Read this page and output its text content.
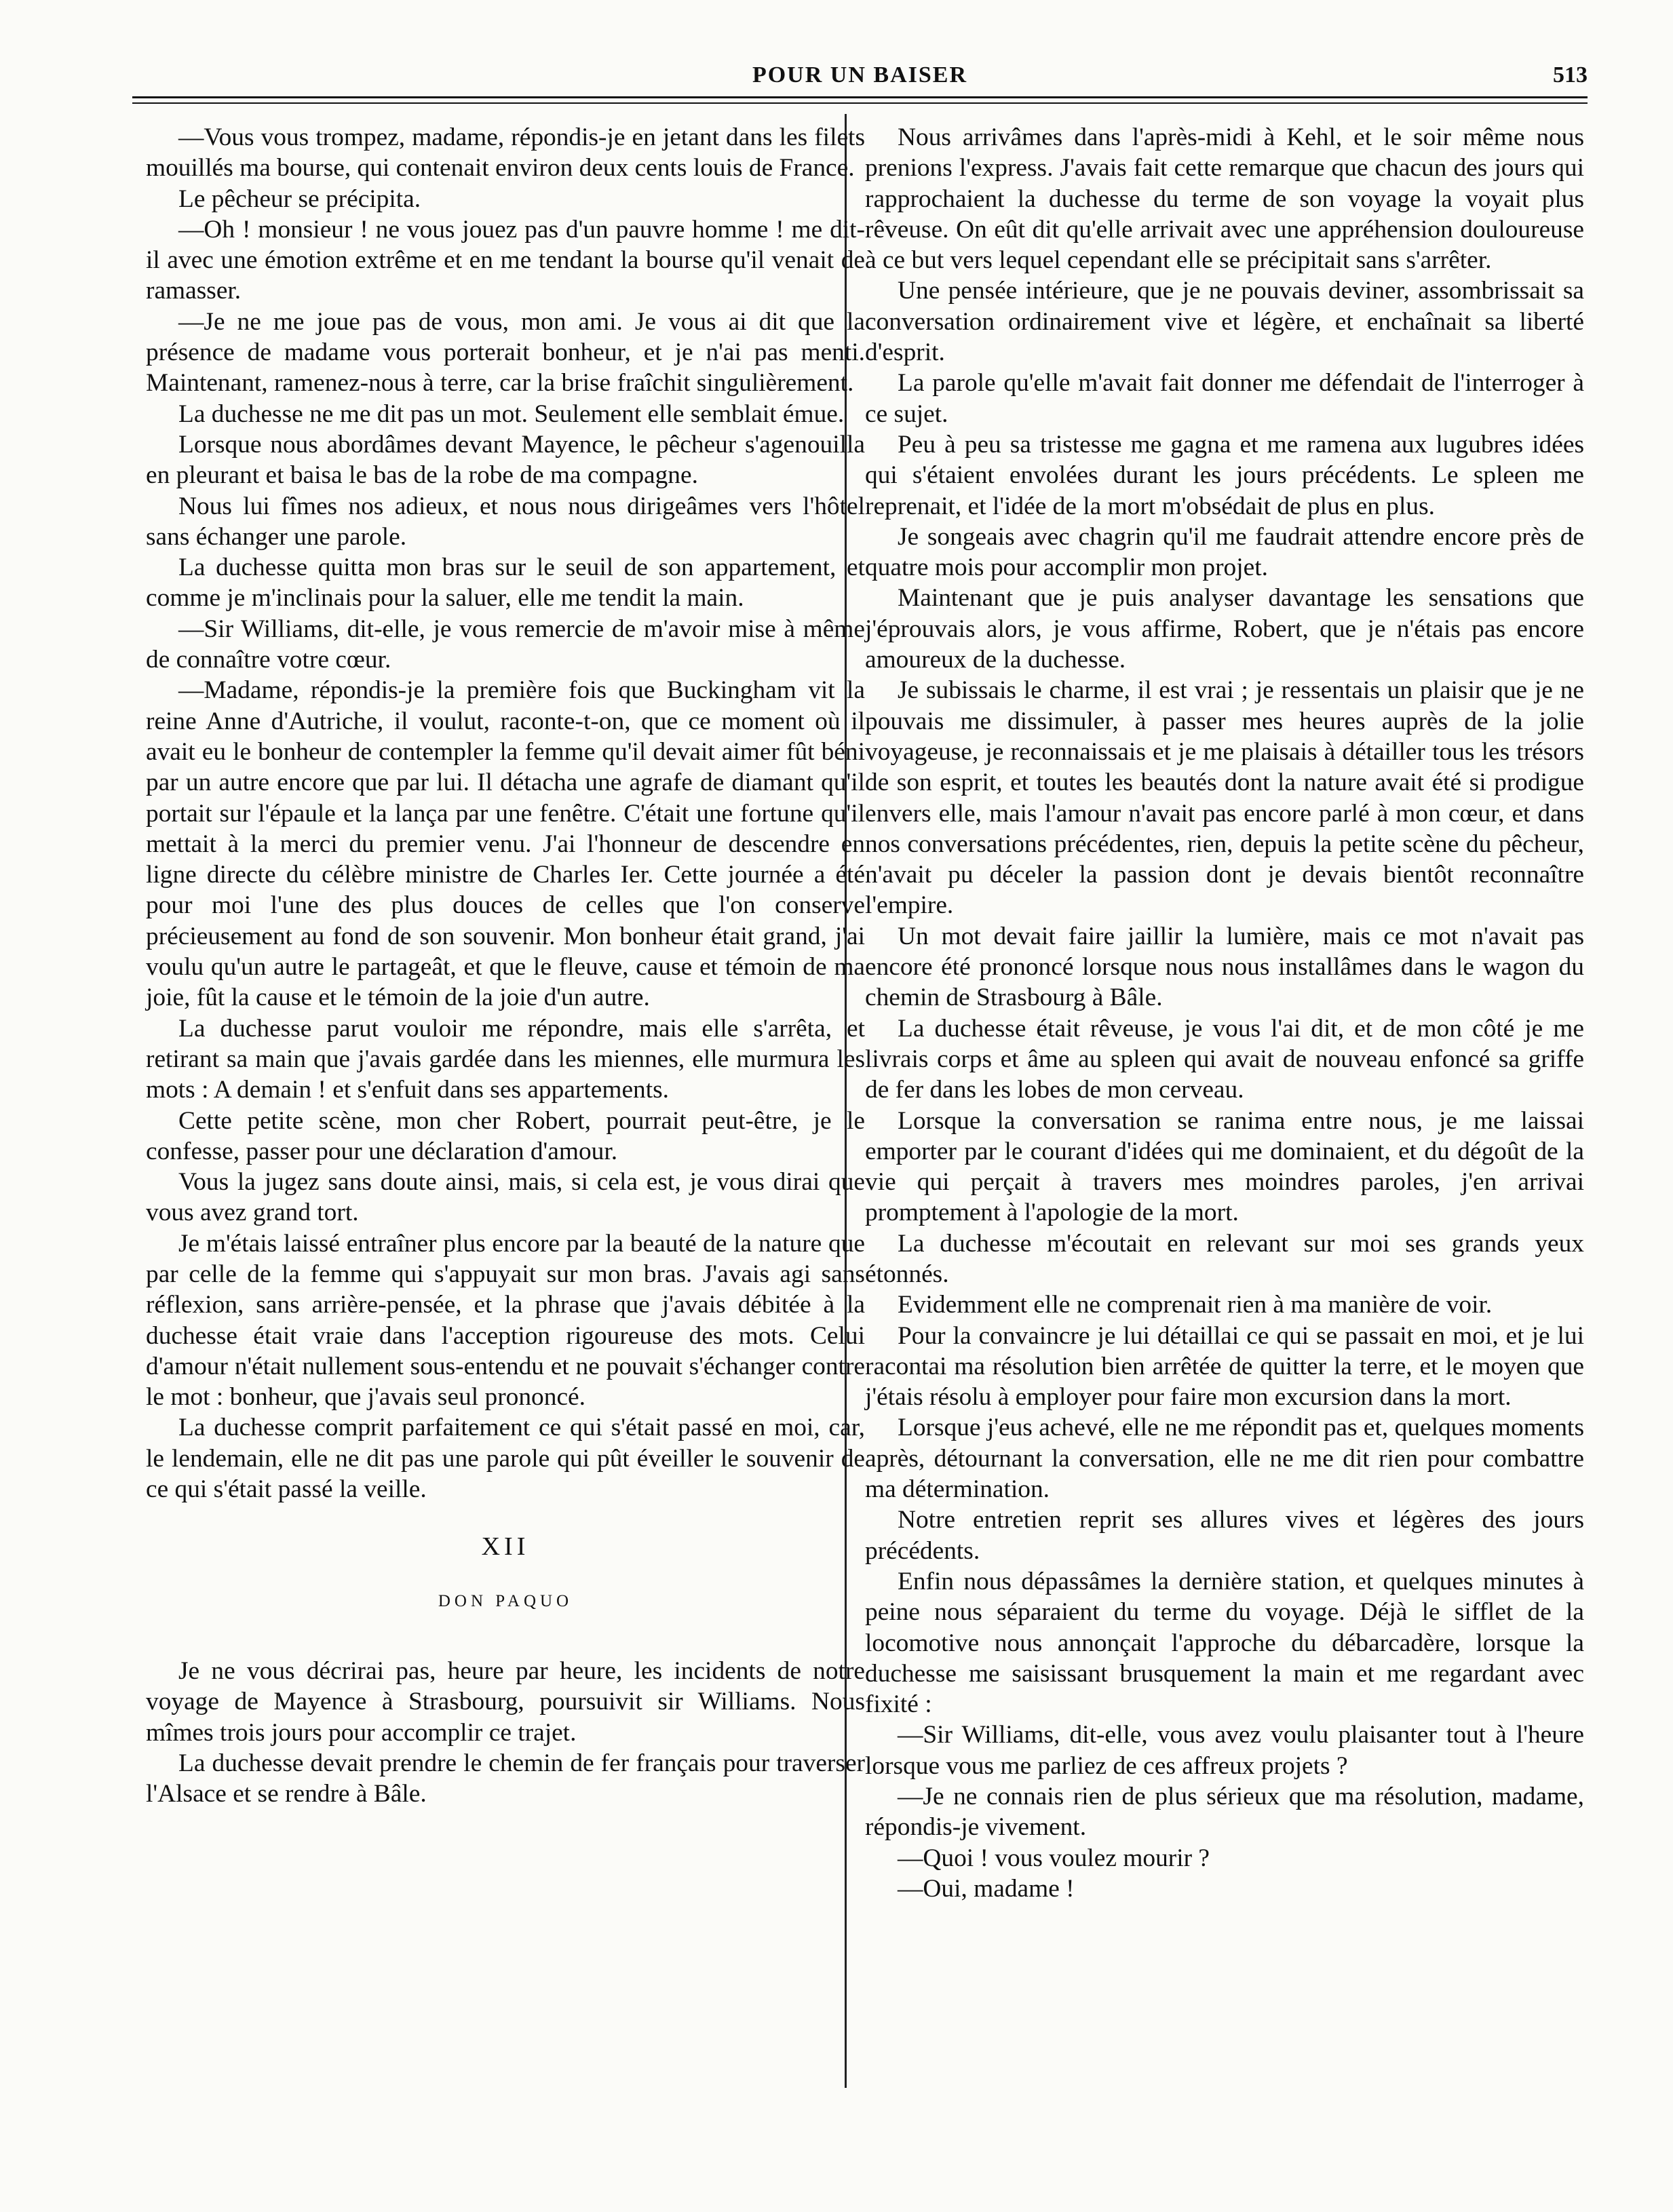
POUR UN BAISER	513

—Vous vous trompez, madame, répondis-je en jetant dans les filets mouillés ma bourse, qui contenait environ deux cents louis de France.

Le pêcheur se précipita.

—Oh ! monsieur ! ne vous jouez pas d'un pauvre homme ! me dit-il avec une émotion extrême et en me tendant la bourse qu'il venait de ramasser.

—Je ne me joue pas de vous, mon ami. Je vous ai dit que la présence de madame vous porterait bonheur, et je n'ai pas menti. Maintenant, ramenez-nous à terre, car la brise fraîchit singulièrement.

La duchesse ne me dit pas un mot. Seulement elle semblait émue.

Lorsque nous abordâmes devant Mayence, le pêcheur s'agenouilla en pleurant et baisa le bas de la robe de ma compagne.

Nous lui fîmes nos adieux, et nous nous dirigeâmes vers l'hôtel sans échanger une parole.

La duchesse quitta mon bras sur le seuil de son appartement, et comme je m'inclinais pour la saluer, elle me tendit la main.

—Sir Williams, dit-elle, je vous remercie de m'avoir mise à même de connaître votre cœur.

—Madame, répondis-je la première fois que Buckingham vit la reine Anne d'Autriche, il voulut, raconte-t-on, que ce moment où il avait eu le bonheur de contempler la femme qu'il devait aimer fût béni par un autre encore que par lui. Il détacha une agrafe de diamant qu'il portait sur l'épaule et la lança par une fenêtre. C'était une fortune qu'il mettait à la merci du premier venu. J'ai l'honneur de descendre en ligne directe du célèbre ministre de Charles Ier. Cette journée a été pour moi l'une des plus douces de celles que l'on conserve précieusement au fond de son souvenir. Mon bonheur était grand, j'ai voulu qu'un autre le partageât, et que le fleuve, cause et témoin de ma joie, fût la cause et le témoin de la joie d'un autre.

La duchesse parut vouloir me répondre, mais elle s'arrêta, et retirant sa main que j'avais gardée dans les miennes, elle murmura les mots : A demain ! et s'enfuit dans ses appartements.

Cette petite scène, mon cher Robert, pourrait peut-être, je le confesse, passer pour une déclaration d'amour.

Vous la jugez sans doute ainsi, mais, si cela est, je vous dirai que vous avez grand tort.

Je m'étais laissé entraîner plus encore par la beauté de la nature que par celle de la femme qui s'appuyait sur mon bras. J'avais agi sans réflexion, sans arrière-pensée, et la phrase que j'avais débitée à la duchesse était vraie dans l'acception rigoureuse des mots. Celui d'amour n'était nullement sous-entendu et ne pouvait s'échanger contre le mot : bonheur, que j'avais seul prononcé.

La duchesse comprit parfaitement ce qui s'était passé en moi, car, le lendemain, elle ne dit pas une parole qui pût éveiller le souvenir de ce qui s'était passé la veille.

XII
DON PAQUO

Je ne vous décrirai pas, heure par heure, les incidents de notre voyage de Mayence à Strasbourg, poursuivit sir Williams. Nous mîmes trois jours pour accomplir ce trajet.

La duchesse devait prendre le chemin de fer français pour traverser l'Alsace et se rendre à Bâle.

Nous arrivâmes dans l'après-midi à Kehl, et le soir même nous prenions l'express. J'avais fait cette remarque que chacun des jours qui rapprochaient la duchesse du terme de son voyage la voyait plus rêveuse. On eût dit qu'elle arrivait avec une appréhension douloureuse à ce but vers lequel cependant elle se précipitait sans s'arrêter.

Une pensée intérieure, que je ne pouvais deviner, assombrissait sa conversation ordinairement vive et légère, et enchaînait sa liberté d'esprit.

La parole qu'elle m'avait fait donner me défendait de l'interroger à ce sujet.

Peu à peu sa tristesse me gagna et me ramena aux lugubres idées qui s'étaient envolées durant les jours précédents. Le spleen me reprenait, et l'idée de la mort m'obsédait de plus en plus.

Je songeais avec chagrin qu'il me faudrait attendre encore près de quatre mois pour accomplir mon projet.

Maintenant que je puis analyser davantage les sensations que j'éprouvais alors, je vous affirme, Robert, que je n'étais pas encore amoureux de la duchesse.

Je subissais le charme, il est vrai ; je ressentais un plaisir que je ne pouvais me dissimuler, à passer mes heures auprès de la jolie voyageuse, je reconnaissais et je me plaisais à détailler tous les trésors de son esprit, et toutes les beautés dont la nature avait été si prodigue envers elle, mais l'amour n'avait pas encore parlé à mon cœur, et dans nos conversations précédentes, rien, depuis la petite scène du pêcheur, n'avait pu déceler la passion dont je devais bientôt reconnaître l'empire.

Un mot devait faire jaillir la lumière, mais ce mot n'avait pas encore été prononcé lorsque nous nous installâmes dans le wagon du chemin de Strasbourg à Bâle.

La duchesse était rêveuse, je vous l'ai dit, et de mon côté je me livrais corps et âme au spleen qui avait de nouveau enfoncé sa griffe de fer dans les lobes de mon cerveau.

Lorsque la conversation se ranima entre nous, je me laissai emporter par le courant d'idées qui me dominaient, et du dégoût de la vie qui perçait à travers mes moindres paroles, j'en arrivai promptement à l'apologie de la mort.

La duchesse m'écoutait en relevant sur moi ses grands yeux étonnés.

Evidemment elle ne comprenait rien à ma manière de voir.

Pour la convaincre je lui détaillai ce qui se passait en moi, et je lui racontai ma résolution bien arrêtée de quitter la terre, et le moyen que j'étais résolu à employer pour faire mon excursion dans la mort.

Lorsque j'eus achevé, elle ne me répondit pas et, quelques moments après, détournant la conversation, elle ne me dit rien pour combattre ma détermination.

Notre entretien reprit ses allures vives et légères des jours précédents.

Enfin nous dépassâmes la dernière station, et quelques minutes à peine nous séparaient du terme du voyage. Déjà le sifflet de la locomotive nous annonçait l'approche du débarcadère, lorsque la duchesse me saisissant brusquement la main et me regardant avec fixité :

—Sir Williams, dit-elle, vous avez voulu plaisanter tout à l'heure lorsque vous me parliez de ces affreux projets ?

—Je ne connais rien de plus sérieux que ma résolution, madame, répondis-je vivement.

—Quoi ! vous voulez mourir ?

—Oui, madame !
